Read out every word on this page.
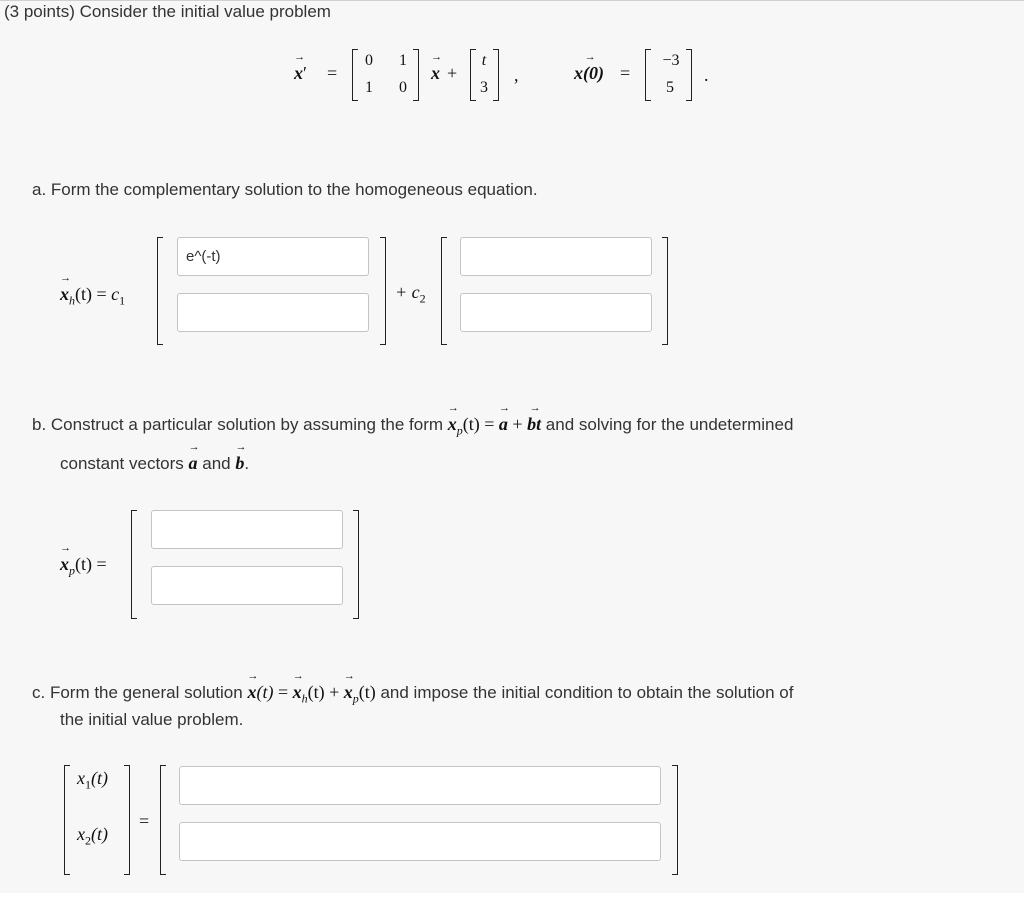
(3 points) Consider the initial value problem
→ x′ =
0 1
1 0
→ x +
t
3
,	→ x(0) =
−3
5
.
a. Form the complementary solution to the homogeneous equation.
→ $x_h(t) = c_1$
e^(-t)	+ $c_2$
b. Construct a particular solution by assuming the form → $x_p(t)$ = → a + → bt and solving for the undetermined
constant vectors → a and → b.
→ $x_p(t)$ =
c. Form the general solution → x(t) = → $x_h(t)$ + → $x_p(t)$ and impose the initial condition to obtain the solution of
the initial value problem.
$x_1(t)$
$x_2(t)$
=
